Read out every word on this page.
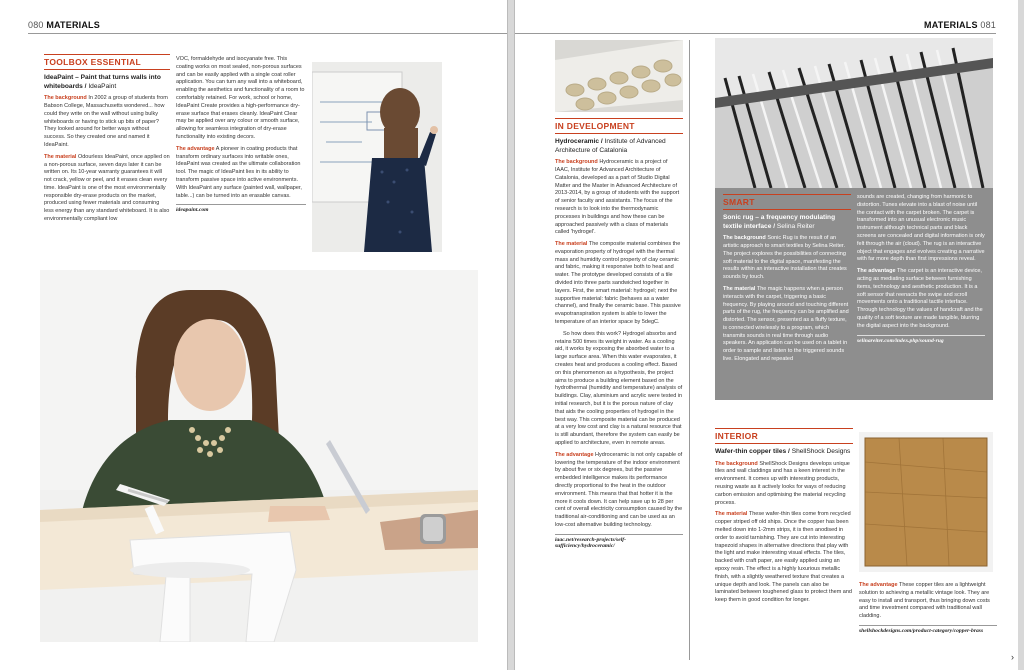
080 MATERIALS
TOOLBOX ESSENTIAL
IdeaPaint – Paint that turns walls into whiteboards / IdeaPaint

The background In 2002 a group of students from Babson College, Massachusetts wondered... how could they write on the wall without using bulky whiteboards or having to stick up bits of paper? They looked around for better ways without success. So they created one and named it IdeaPaint.

The material Odourless IdeaPaint, once applied on a non-porous surface, seven days later it can be written on. Its 10-year warranty guarantees it will not crack, yellow or peel, and it erases clean every time. IdeaPaint is one of the most environmentally responsible dry-erase products on the market, produced using fewer materials and consuming less energy than any standard whiteboard. It is also environmentally compliant low

VOC, formaldehyde and isocyanate free. This coating works on most sealed, non-porous surfaces and can be easily applied with a single coat roller application. You can turn any wall into a whiteboard, enabling the aesthetics and functionality of a room to comfortably retained. For work, school or home, IdeaPaint Create provides a high-performance dry-erase surface that erases cleanly. IdeaPaint Clear may be applied over any colour or smooth surface, allowing for seamless integration of dry-erase functionality into existing decors.

The advantage A pioneer in coating products that transform ordinary surfaces into writable ones, IdeaPaint was created as the ultimate collaboration tool. The magic of IdeaPaint lies in its ability to transform passive space into active environments. With IdeaPaint any surface (painted wall, wallpaper, table...) can be turned into an erasable canvas.

ideapaint.com
MATERIALS 081
IN DEVELOPMENT
Hydroceramic / Institute of Advanced Architecture of Catalonia

The background Hydroceramic is a project of IAAC, Institute for Advanced Architecture of Catalonia, developed as a part of Studio Digital Matter and the Master in Advanced Architecture of 2013-2014, by a group of students with the support of senior faculty and assistants. The focus of the research is to look into the thermodynamic processes in buildings and how these can be approached passively with a class of materials called 'hydrogel'.

The material The composite material combines the evaporation property of hydrogel with the thermal mass and humidity control property of clay ceramic and fabric, making it responsive both to heat and water. The prototype developed consists of a tile divided into three parts sandwiched together in layers. First, the smart material: hydrogel; next the supportive material: fabric (behaves as a water channel), and finally the ceramic base. This passive evapotranspiration system is able to lower the temperature of an interior space by 5degC.

So how does this work? Hydrogel absorbs and retains 500 times its weight in water. As a cooling aid, it works by exposing the absorbed water to a large surface area. When this water evaporates, it creates heat and produces a cooling effect. Based on this phenomenon as a hypothesis, the project aims to produce a building element based on the hydrothermal (humidity and temperature) analysis of buildings. Clay, aluminium and acrylic were tested in initial research, but it is the porous nature of clay that aids the cooling properties of hydrogel in the best way. This composite material can be produced at a very low cost and clay is a natural resource that is still abundant, therefore the system can easily be applied to architecture, even in remote areas.

The advantage Hydroceramic is not only capable of lowering the temperature of the indoor environment by about five or six degrees, but the passive embedded intelligence makes its performance directly proportional to the heat in the outdoor environment. This means that that hotter it is the more it cools down. It can help save up to 28 per cent of overall electricity consumption caused by the traditional air-conditioning and can be used as an low-cost alternative building technology.

iaac.net/research-projects/self-sufficiency/hydroceramic/
SMART
Sonic rug – a frequency modulating textile interface / Selina Reiter

The background Sonic Rug is the result of an artistic approach to smart textiles by Selina Reiter. The project explores the possibilities of connecting soft material to the digital space, manifesting the results within an interactive installation that creates sounds by touch.

The material The magic happens when a person interacts with the carpet, triggering a basic frequency. By playing around and touching different parts of the rug, the frequency can be amplified and distorted. The sensor, presented as a fluffy texture, is connected wirelessly to a program, which transmits sounds in real time through audio speakers. An application can be used on a tablet in order to sample and listen to the triggered sounds live. Elongated and repeated

sounds are created, changing from harmonic to distortion. Tunes elevate into a blast of noise until the contact with the carpet broken. The carpet is transformed into an unusual electronic music instrument although technical parts and black screens are concealed and digital information is only felt through the air (cloud). The rug is an interactive object that engages and evolves creating a narrative with far more depth than first impressions reveal.

The advantage The carpet is an interactive device, acting as mediating surface between furnishing items, technology and aesthetic production. It is a soft sensor that reenacts the swipe and scroll movements onto a traditional tactile interface. Through technology the values of handcraft and the quality of a soft texture are made tangible, blurring the digital aspect into the background.

selinareiter.com/index.php/sound-rug
INTERIOR
Wafer-thin copper tiles / ShellShock Designs

The background ShellShock Designs develops unique tiles and wall claddings and has a keen interest in the environment. It comes up with interesting products, reusing waste as it actively looks for ways of reducing carbon emission and optimising the material recycling process.

The material These wafer-thin tiles come from recycled copper striped off old ships. Once the copper has been melted down into 1-2mm strips, it is then anodised in order to avoid tarnishing. They are cut into interesting trapezoid shapes in alternative directions that play with the light and make interesting visual effects. The tiles, backed with craft paper, are easily applied using an epoxy resin. The effect is a highly luxurious metallic finish, with a slightly weathered texture that creates a unique depth and look. The panels can also be laminated between toughened glass to protect them and keep them in good condition for longer.

The advantage These copper tiles are a lightweight solution to achieving a metallic vintage look. They are easy to install and transport, thus bringing down costs and time investment compared with traditional wall cladding.

shellshockdesigns.com/product-category/copper-brass
›
